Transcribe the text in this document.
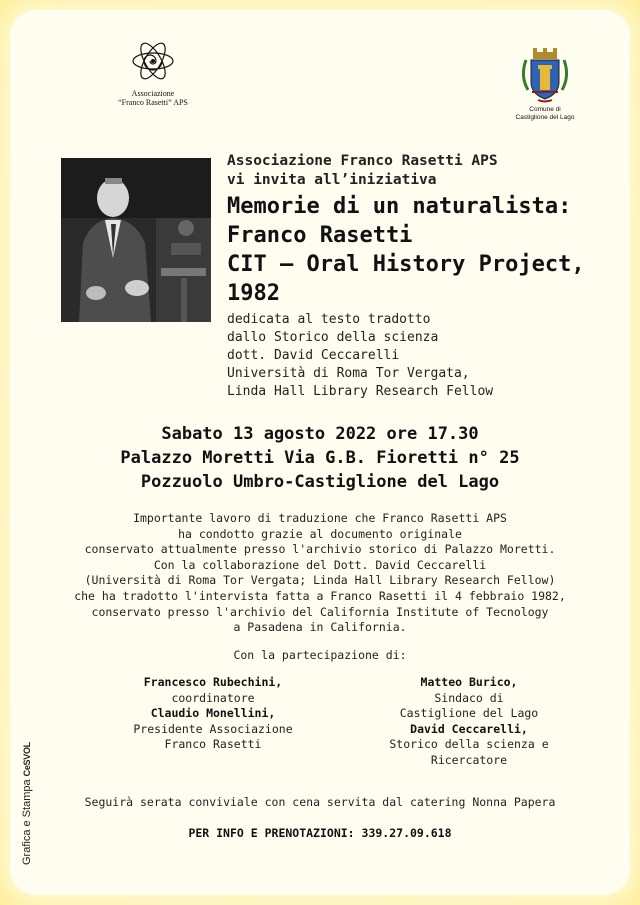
Associazione
“Franco Rasetti” APS
Comune di
Castiglione del Lago
Associazione Franco Rasetti APS
vi invita all’iniziativa
Memorie di un naturalista:
Franco Rasetti
CIT – Oral History Project,
1982
dedicata al testo tradotto
dallo Storico della scienza
dott. David Ceccarelli
Università di Roma Tor Vergata,
Linda Hall Library Research Fellow
Sabato 13 agosto 2022 ore 17.30
Palazzo Moretti Via G.B. Fioretti n° 25
Pozzuolo Umbro-Castiglione del Lago
Importante lavoro di traduzione che Franco Rasetti APS
ha condotto grazie al documento originale
conservato attualmente presso l'archivio storico di Palazzo Moretti.
Con la collaborazione del Dott. David Ceccarelli
(Università di Roma Tor Vergata; Linda Hall Library Research Fellow)
che ha tradotto l'intervista fatta a Franco Rasetti il 4 febbraio 1982,
conservato presso l'archivio del California Institute of Tecnology
a Pasadena in California.
Con la partecipazione di:
Francesco Rubechini,
coordinatore
Claudio Monellini,
Presidente Associazione
Franco Rasetti
Matteo Burico,
Sindaco di
Castiglione del Lago
David Ceccarelli,
Storico della scienza e
Ricercatore
Seguirà serata conviviale con cena servita dal catering Nonna Papera
PER INFO E PRENOTAZIONI: 339.27.09.618
Grafica e Stampa CeSVOL
